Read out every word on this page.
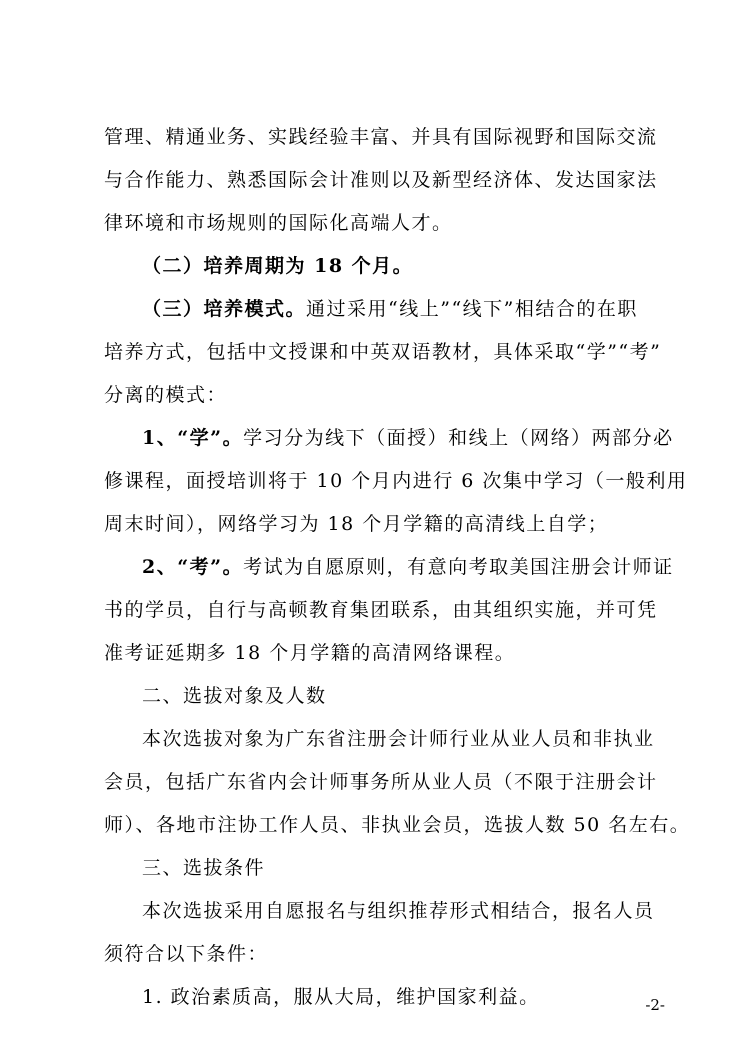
管理、精通业务、实践经验丰富、并具有国际视野和国际交流
与合作能力、熟悉国际会计准则以及新型经济体、发达国家法
律环境和市场规则的国际化高端人才。
（二）培养周期为 18 个月。
（三）培养模式。通过采用“线上”“线下”相结合的在职
培养方式，包括中文授课和中英双语教材，具体采取“学”“考”
分离的模式：
1、“学”。学习分为线下（面授）和线上（网络）两部分必
修课程，面授培训将于 10 个月内进行 6 次集中学习（一般利用
周末时间），网络学习为 18 个月学籍的高清线上自学；
2、“考”。考试为自愿原则，有意向考取美国注册会计师证
书的学员，自行与高顿教育集团联系，由其组织实施，并可凭
准考证延期多 18 个月学籍的高清网络课程。
二、选拔对象及人数
本次选拔对象为广东省注册会计师行业从业人员和非执业
会员，包括广东省内会计师事务所从业人员（不限于注册会计
师）、各地市注协工作人员、非执业会员，选拔人数 50 名左右。
三、选拔条件
本次选拔采用自愿报名与组织推荐形式相结合，报名人员
须符合以下条件：
1. 政治素质高，服从大局，维护国家利益。	-2-
